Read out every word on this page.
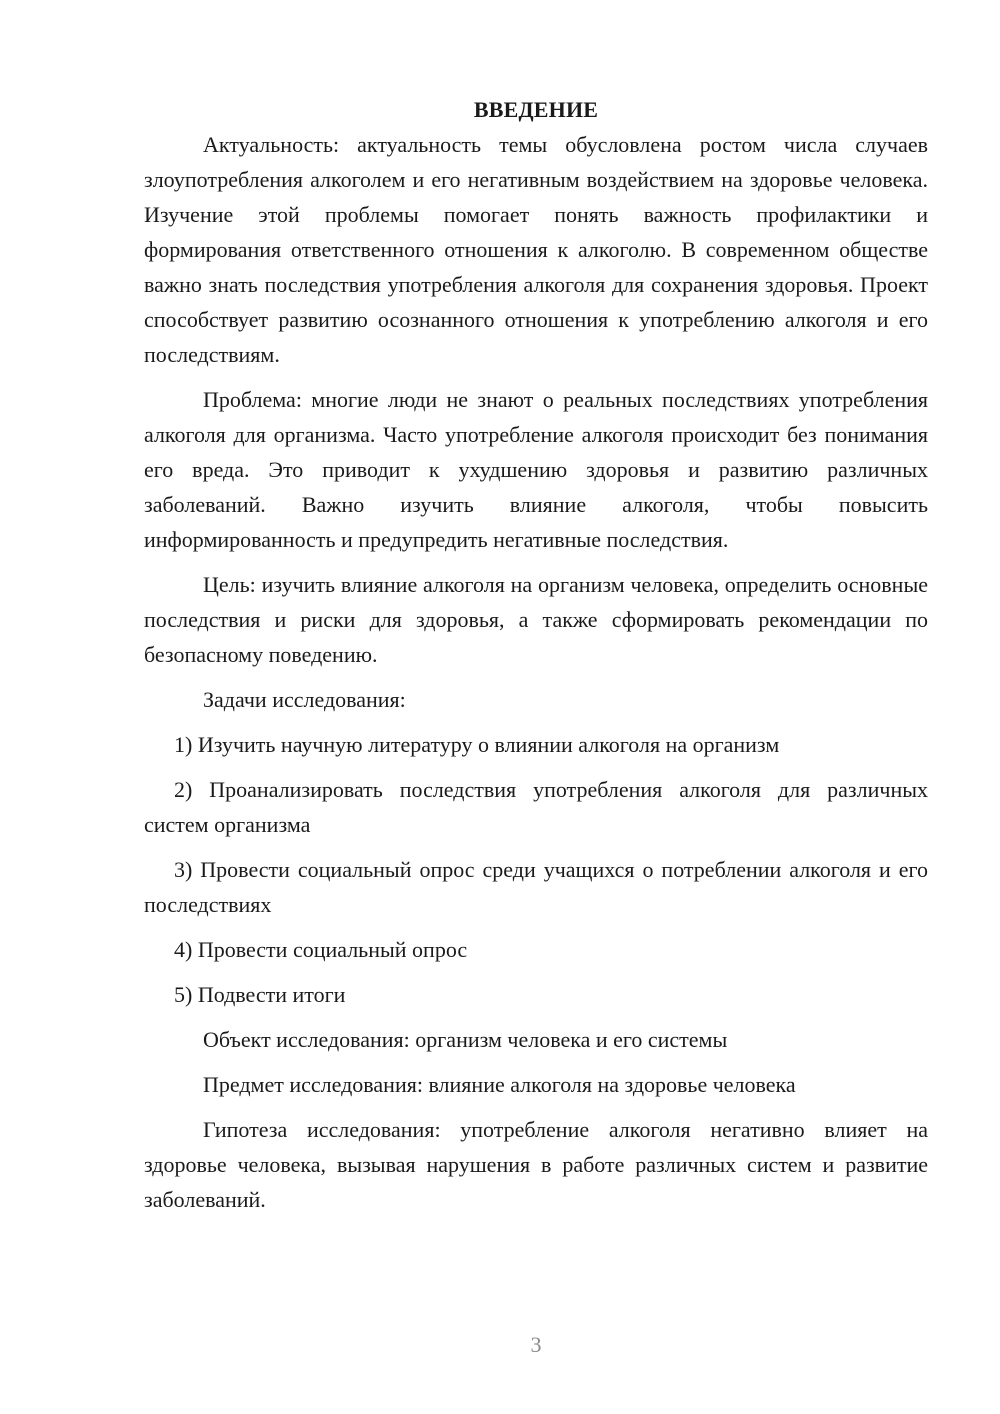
ВВЕДЕНИЕ

Актуальность: актуальность темы обусловлена ростом числа случаев злоупотребления алкоголем и его негативным воздействием на здоровье человека. Изучение этой проблемы помогает понять важность профилактики и формирования ответственного отношения к алкоголю. В современном обществе важно знать последствия употребления алкоголя для сохранения здоровья. Проект способствует развитию осознанного отношения к употреблению алкоголя и его последствиям.

Проблема: многие люди не знают о реальных последствиях употребления алкоголя для организма. Часто употребление алкоголя происходит без понимания его вреда. Это приводит к ухудшению здоровья и развитию различных заболеваний. Важно изучить влияние алкоголя, чтобы повысить информированность и предупредить негативные последствия.

Цель: изучить влияние алкоголя на организм человека, определить основные последствия и риски для здоровья, а также сформировать рекомендации по безопасному поведению.

Задачи исследования:

1) Изучить научную литературу о влиянии алкоголя на организм

2) Проанализировать последствия употребления алкоголя для различных систем организма

3) Провести социальный опрос среди учащихся о потреблении алкоголя и его последствиях

4) Провести социальный опрос

5) Подвести итоги

Объект исследования: организм человека и его системы

Предмет исследования: влияние алкоголя на здоровье человека

Гипотеза исследования: употребление алкоголя негативно влияет на здоровье человека, вызывая нарушения в работе различных систем и развитие заболеваний.

3
